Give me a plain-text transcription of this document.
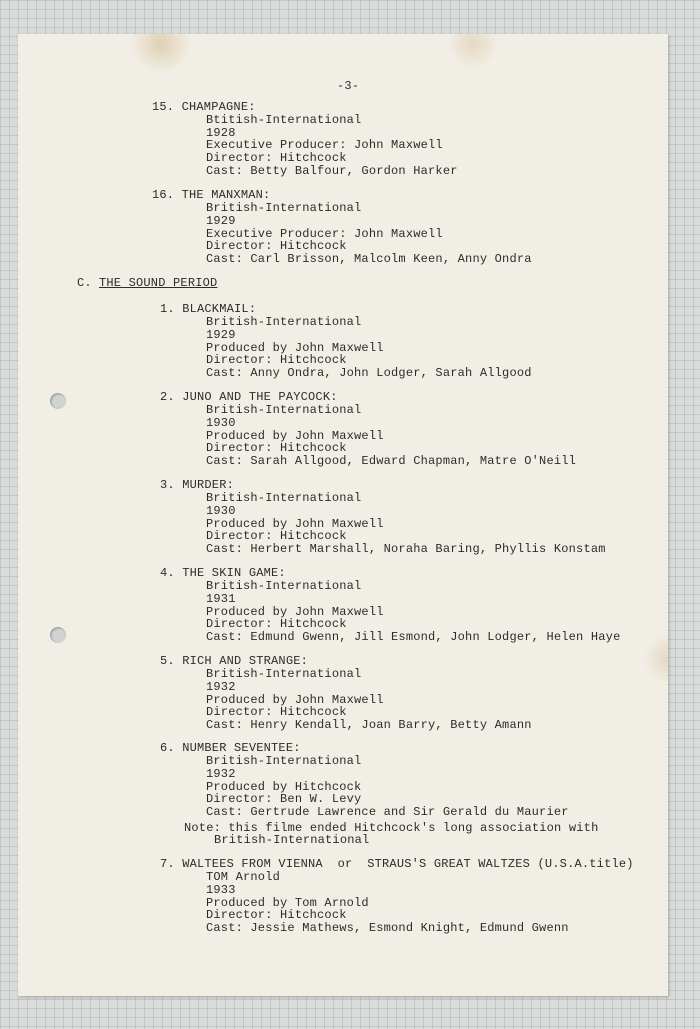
-3-
15. CHAMPAGNE:
Btitish-International
1928
Executive Producer: John Maxwell
Director: Hitchcock
Cast: Betty Balfour, Gordon Harker
16. THE MANXMAN:
British-International
1929
Executive Producer: John Maxwell
Director: Hitchcock
Cast: Carl Brisson, Malcolm Keen, Anny Ondra
C. THE SOUND PERIOD
1. BLACKMAIL:
British-International
1929
Produced by John Maxwell
Director: Hitchcock
Cast: Anny Ondra, John Lodger, Sarah Allgood
2. JUNO AND THE PAYCOCK:
British-International
1930
Produced by John Maxwell
Director: Hitchcock
Cast: Sarah Allgood, Edward Chapman, Matre O'Neill
3. MURDER:
British-International
1930
Produced by John Maxwell
Director: Hitchcock
Cast: Herbert Marshall, Noraha Baring, Phyllis Konstam
4. THE SKIN GAME:
British-International
1931
Produced by John Maxwell
Director: Hitchcock
Cast: Edmund Gwenn, Jill Esmond, John Lodger, Helen Haye
5. RICH AND STRANGE:
British-International
1932
Produced by John Maxwell
Director: Hitchcock
Cast: Henry Kendall, Joan Barry, Betty Amann
6. NUMBER SEVENTEE:
British-International
1932
Produced by Hitchcock
Director: Ben W. Levy
Cast: Gertrude Lawrence and Sir Gerald du Maurier
Note: this filme ended Hitchcock's long association with
British-International
7. WALTEES FROM VIENNA  or  STRAUS'S GREAT WALTZES (U.S.A.title)
TOM Arnold
1933
Produced by Tom Arnold
Director: Hitchcock
Cast: Jessie Mathews, Esmond Knight, Edmund Gwenn
